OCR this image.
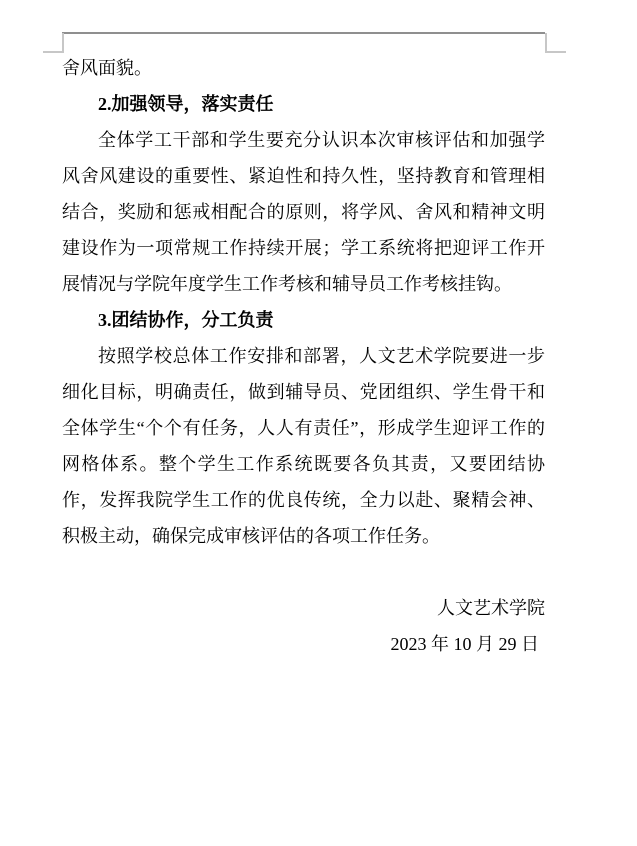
舍风面貌。

2.加强领导，落实责任

全体学工干部和学生要充分认识本次审核评估和加强学风舍风建设的重要性、紧迫性和持久性，坚持教育和管理相结合，奖励和惩戒相配合的原则，将学风、舍风和精神文明建设作为一项常规工作持续开展；学工系统将把迎评工作开展情况与学院年度学生工作考核和辅导员工作考核挂钩。

3.团结协作，分工负责

按照学校总体工作安排和部署，人文艺术学院要进一步细化目标，明确责任，做到辅导员、党团组织、学生骨干和全体学生“个个有任务，人人有责任”，形成学生迎评工作的网格体系。整个学生工作系统既要各负其责，又要团结协作，发挥我院学生工作的优良传统，全力以赴、聚精会神、积极主动，确保完成审核评估的各项工作任务。

人文艺术学院

2023 年 10 月 29 日
